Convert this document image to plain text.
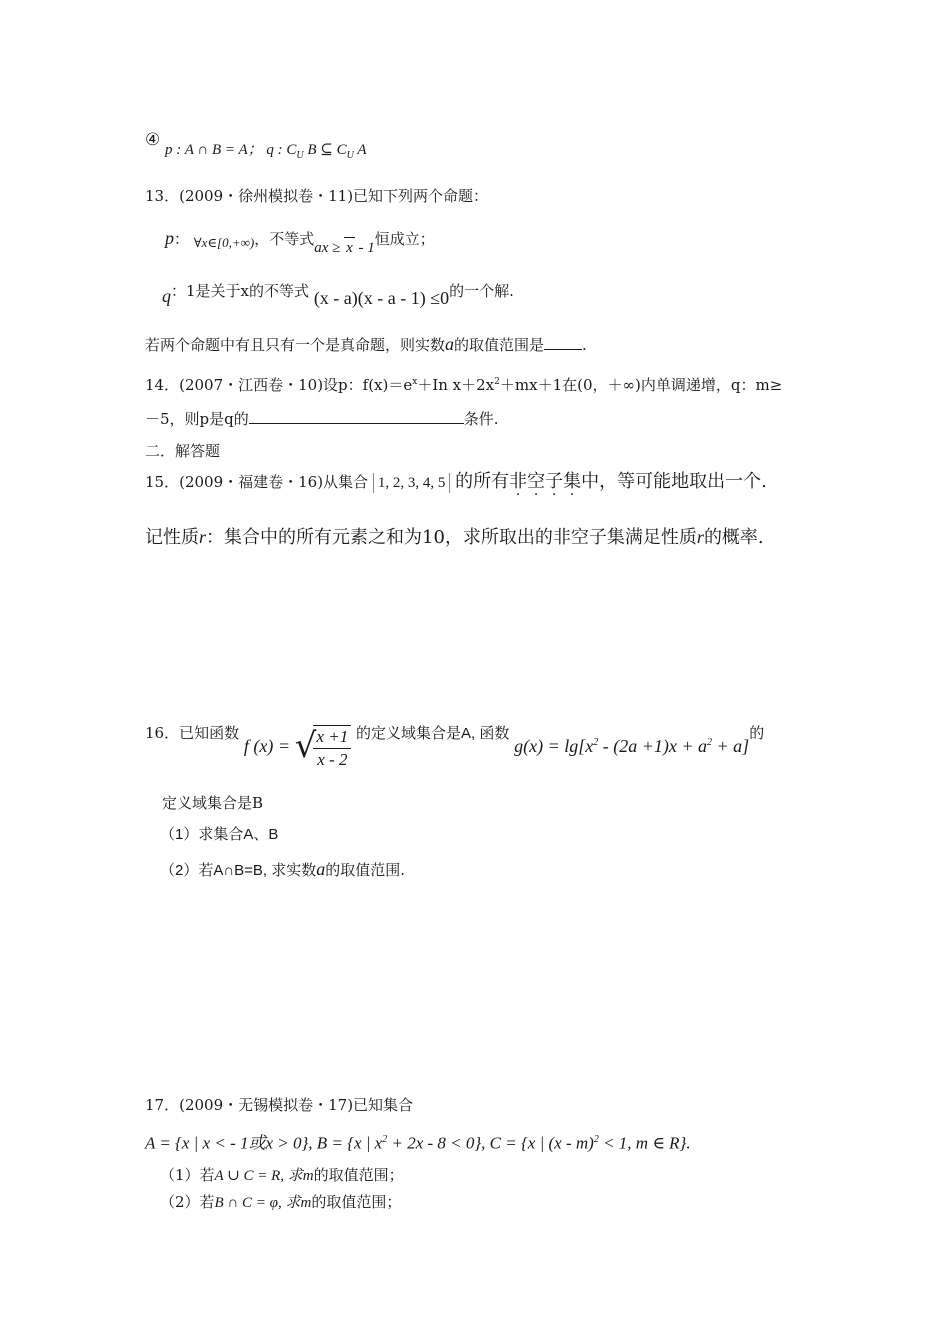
④ p : A ∩ B = A； q : $C_U$ B ⊆ $C_U$ A
13．(2009・徐州模拟卷・11)已知下列两个命题：
p： ∀x∈[0,+∞)，不等式ax ≥ x - 1恒成立；
q：1是关于x的不等式 (x - a)(x - a - 1) ≤0的一个解.
若两个命题中有且只有一个是真命题，则实数a的取值范围是	.
14．(2007・江西卷・10)设p：$f(x)=e^x+In$ $x+2x^2+mx+1$在(0，＋∞)内单调递增，q：m≥
－5，则p是q的	条件.
二．解答题
15．(2009・福建卷・16)从集合 1, 2, 3, 4, 5 的所有非空子集中，等可能地取出一个.
记性质r：集合中的所有元素之和为10，求所取出的非空子集满足性质r的概率.
16．已知函数 f (x) = √
$\frac{x +1}{x - 2}$ 的定义域集合是A, 函数 $g(x) = \lg[x^2 - (2a +1)x + a^2 + a]$的
定义域集合是B
（1）求集合A、B
（2）若A∩B=B, 求实数a的取值范围.
17．(2009・无锡模拟卷・17)已知集合
A = {x | x < - 1或x > 0}, B = {x | $x^2 + 2x - 8 < 0$}, C = {x | (x - m)$^2$ < 1, m ∈ R}.
（1）若A ∪ C = R, 求m的取值范围；
（2）若B ∩ C = φ, 求m的取值范围；
